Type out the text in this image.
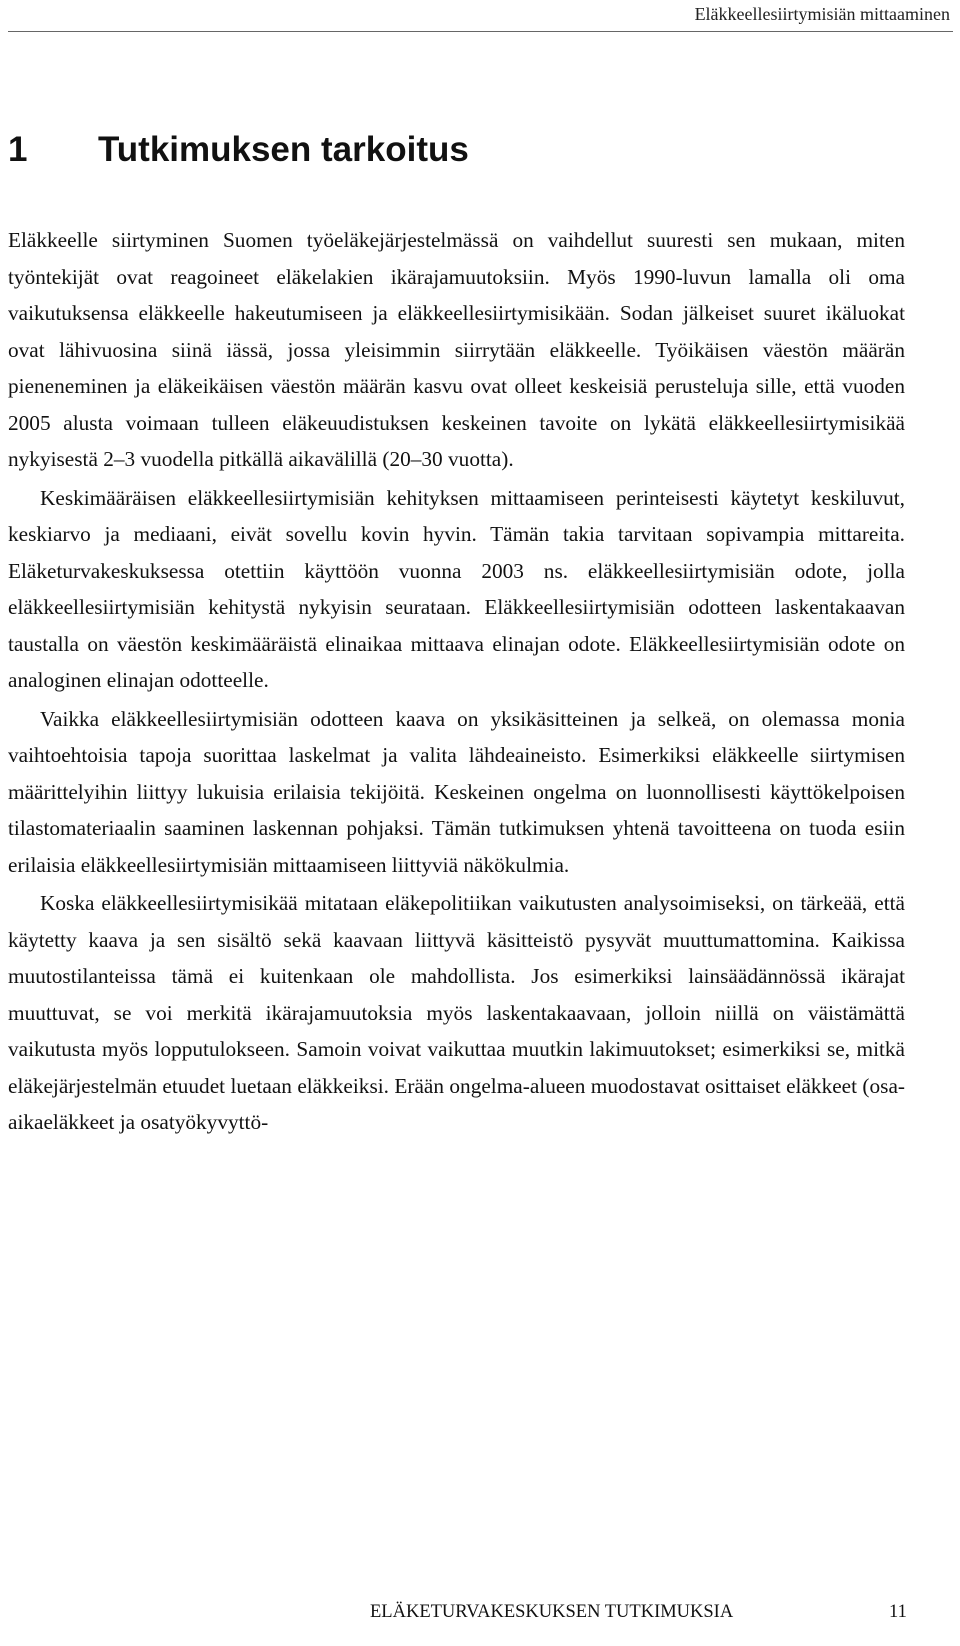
Eläkkeellesiirtymisiän mittaaminen
1 Tutkimuksen tarkoitus

Eläkkeelle siirtyminen Suomen työeläkejärjestelmässä on vaihdellut suuresti sen mukaan, miten työntekijät ovat reagoineet eläkelakien ikärajamuutoksiin. Myös 1990-luvun lamalla oli oma vaikutuksensa eläkkeelle hakeutumiseen ja eläkkeellesiirtymisikään. Sodan jälkeiset suuret ikäluokat ovat lähivuosina siinä iässä, jossa yleisimmin siirrytään eläkkeelle. Työikäisen väestön määrän pieneneminen ja eläkeikäisen väestön määrän kasvu ovat olleet keskeisiä perusteluja sille, että vuoden 2005 alusta voimaan tulleen eläkeuudistuksen keskeinen tavoite on lykätä eläkkeellesiirtymisikää nykyisestä 2–3 vuodella pitkällä aikavälillä (20–30 vuotta).

Keskimääräisen eläkkeellesiirtymisiän kehityksen mittaamiseen perinteisesti käytetyt keskiluvut, keskiarvo ja mediaani, eivät sovellu kovin hyvin. Tämän takia tarvitaan sopivampia mittareita. Eläketurvakeskuksessa otettiin käyttöön vuonna 2003 ns. eläkkeellesiirtymisiän odote, jolla eläkkeellesiirtymisiän kehitystä nykyisin seurataan. Eläkkeellesiirtymisiän odotteen laskentakaavan taustalla on väestön keskimääräistä elinaikaa mittaava elinajan odote. Eläkkeellesiirtymisiän odote on analoginen elinajan odotteelle.

Vaikka eläkkeellesiirtymisiän odotteen kaava on yksikäsitteinen ja selkeä, on olemassa monia vaihtoehtoisia tapoja suorittaa laskelmat ja valita lähdeaineisto. Esimerkiksi eläkkeelle siirtymisen määrittelyihin liittyy lukuisia erilaisia tekijöitä. Keskeinen ongelma on luonnollisesti käyttökelpoisen tilastomateriaalin saaminen laskennan pohjaksi. Tämän tutkimuksen yhtenä tavoitteena on tuoda esiin erilaisia eläkkeellesiirtymisiän mittaamiseen liittyviä näkökulmia.

Koska eläkkeellesiirtymisikää mitataan eläkepolitiikan vaikutusten analysoimiseksi, on tärkeää, että käytetty kaava ja sen sisältö sekä kaavaan liittyvä käsitteistö pysyvät muuttumattomina. Kaikissa muutostilanteissa tämä ei kuitenkaan ole mahdollista. Jos esimerkiksi lainsäädännössä ikärajat muuttuvat, se voi merkitä ikärajamuutoksia myös laskentakaavaan, jolloin niillä on väistämättä vaikutusta myös lopputulokseen. Samoin voivat vaikuttaa muutkin lakimuutokset; esimerkiksi se, mitkä eläkejärjestelmän etuudet luetaan eläkkeiksi. Erään ongelma-alueen muodostavat osittaiset eläkkeet (osa-aikaeläkkeet ja osatyökyvyttö-

ELÄKETURVAKESKUKSEN TUTKIMUKSIA	11
